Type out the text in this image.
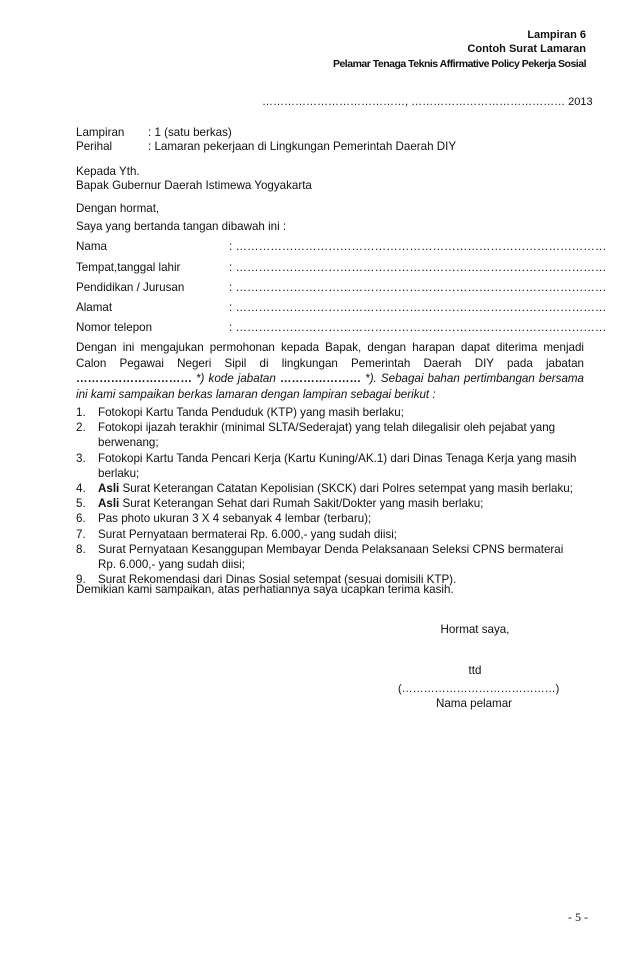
Lampiran 6
Contoh Surat Lamaran
Pelamar Tenaga Teknis Affirmative Policy Pekerja Sosial
…………………………………, …………………………………… 2013
Lampiran : 1 (satu berkas)
Perihal	: Lamaran pekerjaan di Lingkungan Pemerintah Daerah DIY
Kepada Yth.
Bapak Gubernur Daerah Istimewa Yogyakarta
Dengan hormat,
Saya yang bertanda tangan dibawah ini :
Nama	: ……………………………………………………………………………………
Tempat,tanggal lahir	: ……………………………………………………………………………………
Pendidikan / Jurusan	: ……………………………………………………………………………………
Alamat	: ……………………………………………………………………………………
Nomor telepon	: ……………………………………………………………………………………
Dengan ini mengajukan permohonan kepada Bapak, dengan harapan dapat diterima menjadi Calon Pegawai Negeri Sipil di lingkungan Pemerintah Daerah DIY pada jabatan ………………………… *) kode jabatan ………………… *). Sebagai bahan pertimbangan bersama ini kami sampaikan berkas lamaran dengan lampiran sebagai berikut :
1. Fotokopi Kartu Tanda Penduduk (KTP) yang masih berlaku;
2. Fotokopi ijazah terakhir (minimal SLTA/Sederajat) yang telah dilegalisir oleh pejabat yang berwenang;
3. Fotokopi Kartu Tanda Pencari Kerja (Kartu Kuning/AK.1) dari Dinas Tenaga Kerja yang masih berlaku;
4. Asli Surat Keterangan Catatan Kepolisian (SKCK) dari Polres setempat yang masih berlaku;
5. Asli Surat Keterangan Sehat dari Rumah Sakit/Dokter yang masih berlaku;
6. Pas photo ukuran 3 X 4 sebanyak 4 lembar (terbaru);
7. Surat Pernyataan bermaterai Rp. 6.000,- yang sudah diisi;
8. Surat Pernyataan Kesanggupan Membayar Denda Pelaksanaan Seleksi CPNS bermaterai Rp. 6.000,- yang sudah diisi;
9. Surat Rekomendasi dari Dinas Sosial setempat (sesuai domisili KTP).
Demikian kami sampaikan, atas perhatiannya saya ucapkan terima kasih.
Hormat saya,
ttd
(……………………………………)
Nama pelamar
- 5 -
